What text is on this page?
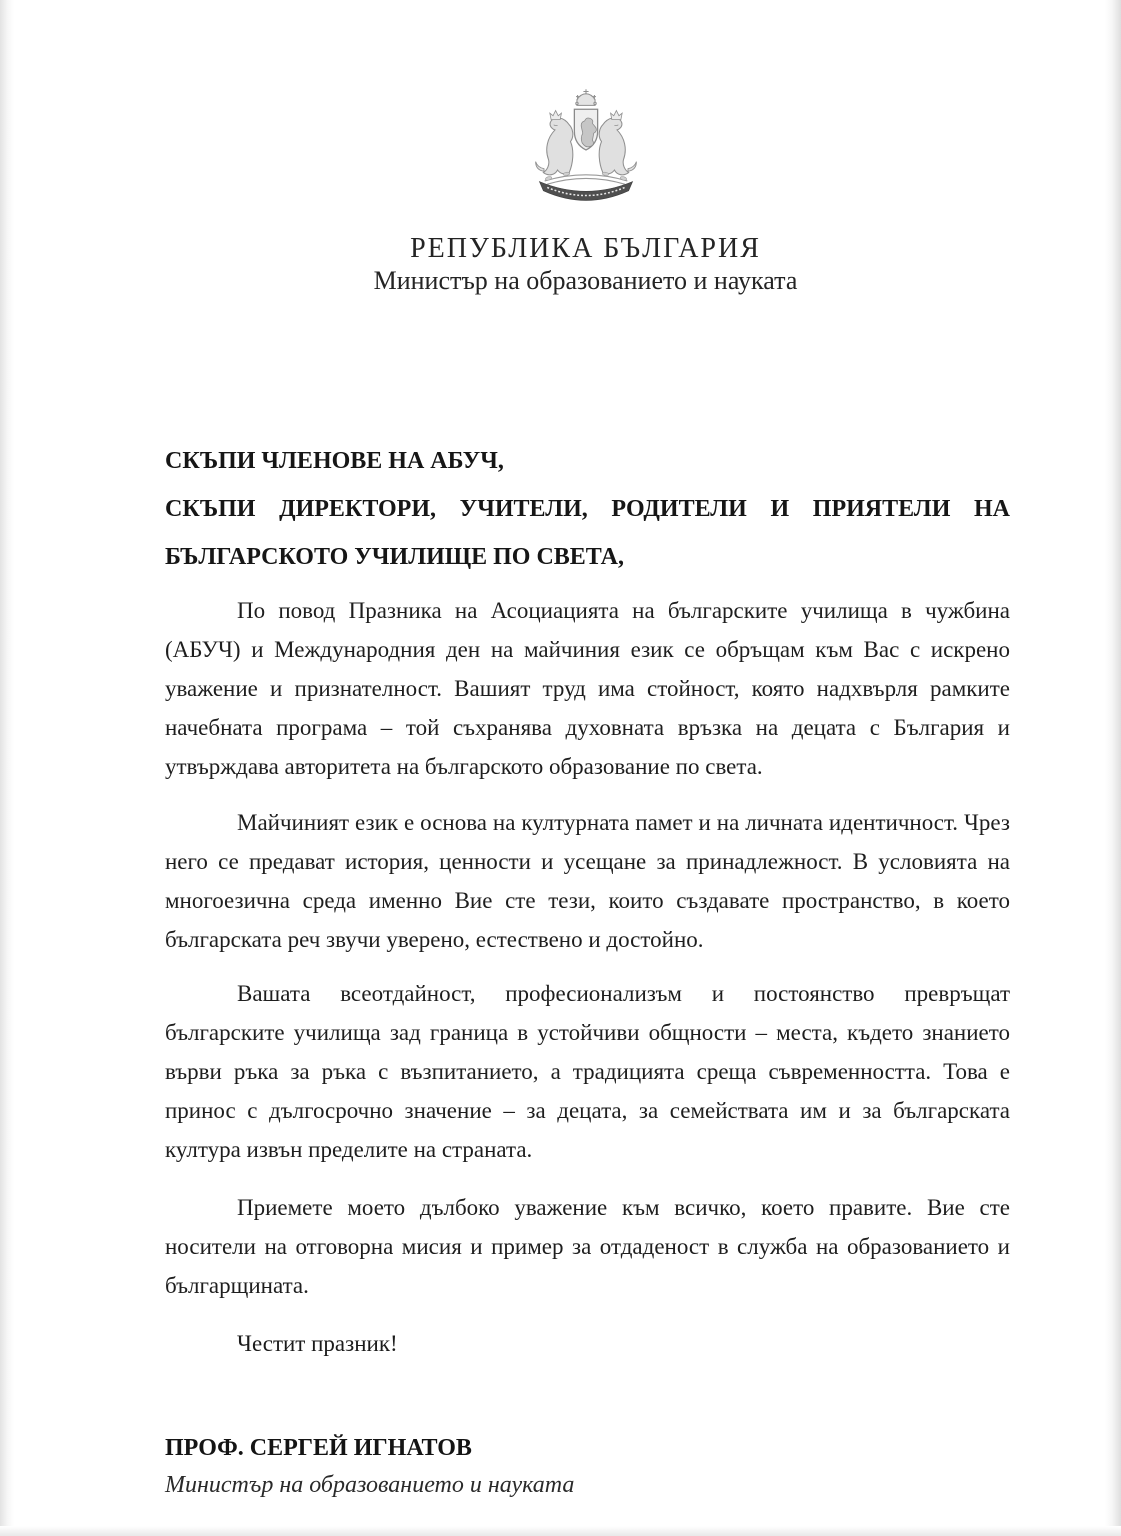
РЕПУБЛИКА БЪЛГАРИЯ
Министър на образованието и науката
СКЪПИ ЧЛЕНОВЕ НА АБУЧ,
СКЪПИ ДИРЕКТОРИ, УЧИТЕЛИ, РОДИТЕЛИ И ПРИЯТЕЛИ НА
БЪЛГАРСКОТО УЧИЛИЩЕ ПО СВЕТА,

По повод Празника на Асоциацията на българските училища в чужбина (АБУЧ) и Международния ден на майчиния език се обръщам към Вас с искрено уважение и признателност. Вашият труд има стойност, която надхвърля рамките начебната програма – той съхранява духовната връзка на децата с България и утвърждава авторитета на българското образование по света.

Майчиният език е основа на културната памет и на личната идентичност. Чрез него се предават история, ценности и усещане за принадлежност. В условията на многоезична среда именно Вие сте тези, които създавате пространство, в което българската реч звучи уверено, естествено и достойно.

Вашата всеотдайност, професионализъм и постоянство превръщат българските училища зад граница в устойчиви общности – места, където знанието върви ръка за ръка с възпитанието, а традицията среща съвременността. Това е принос с дългосрочно значение – за децата, за семействата им и за българската култура извън пределите на страната.

Приемете моето дълбоко уважение към всичко, което правите. Вие сте носители на отговорна мисия и пример за отдаденост в служба на образованието и българщината.

Честит празник!
ПРОФ. СЕРГЕЙ ИГНАТОВ
Министър на образованието и науката
